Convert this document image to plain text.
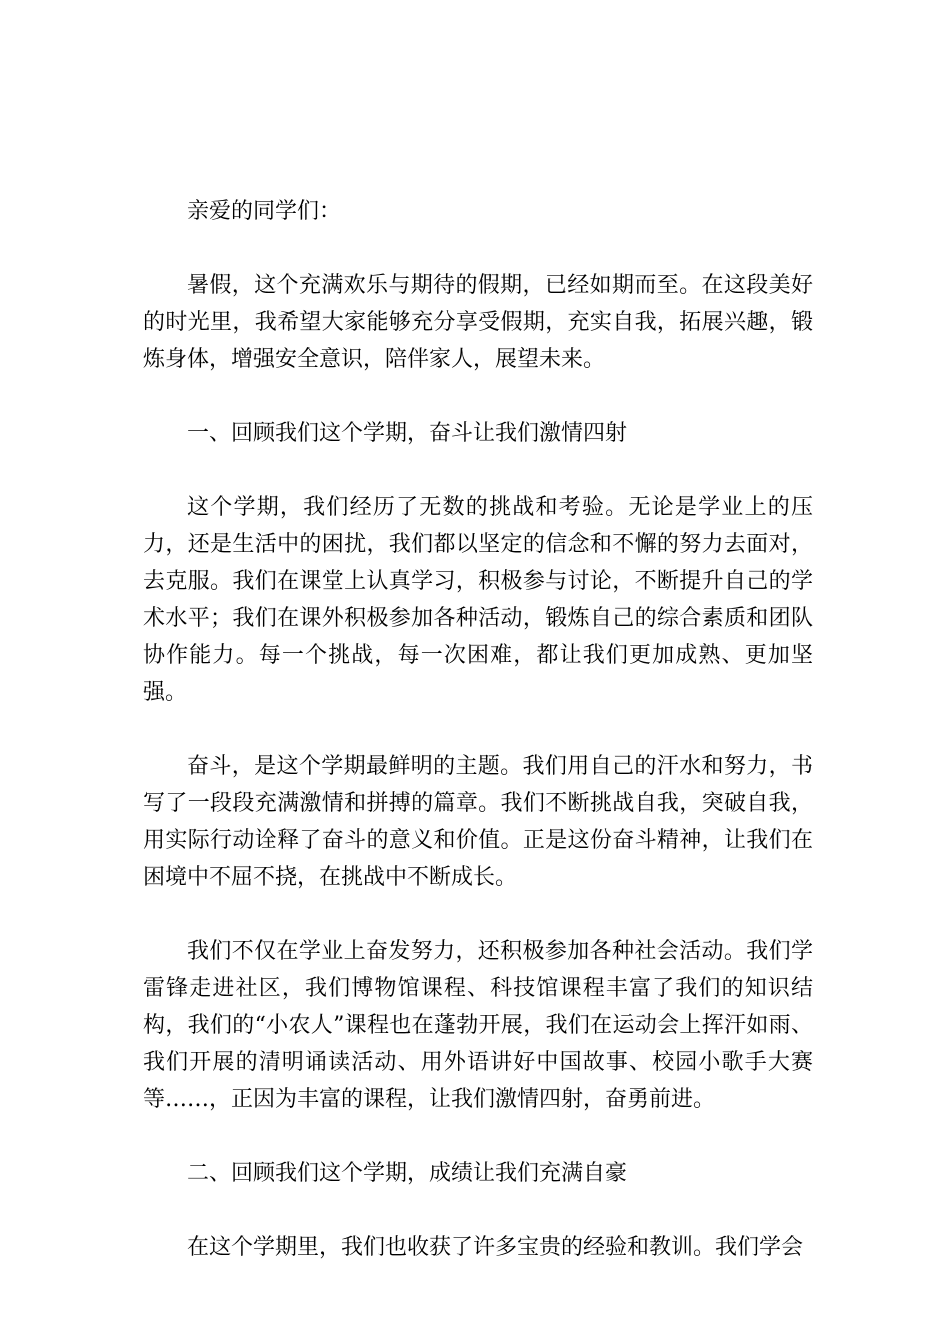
亲爱的同学们：

暑假，这个充满欢乐与期待的假期，已经如期而至。在这段美好的时光里，我希望大家能够充分享受假期，充实自我，拓展兴趣，锻炼身体，增强安全意识，陪伴家人，展望未来。

一、回顾我们这个学期，奋斗让我们激情四射

这个学期，我们经历了无数的挑战和考验。无论是学业上的压力，还是生活中的困扰，我们都以坚定的信念和不懈的努力去面对，去克服。我们在课堂上认真学习，积极参与讨论，不断提升自己的学术水平；我们在课外积极参加各种活动，锻炼自己的综合素质和团队协作能力。每一个挑战，每一次困难，都让我们更加成熟、更加坚强。

奋斗，是这个学期最鲜明的主题。我们用自己的汗水和努力，书写了一段段充满激情和拼搏的篇章。我们不断挑战自我，突破自我，用实际行动诠释了奋斗的意义和价值。正是这份奋斗精神，让我们在困境中不屈不挠，在挑战中不断成长。

我们不仅在学业上奋发努力，还积极参加各种社会活动。我们学雷锋走进社区，我们博物馆课程、科技馆课程丰富了我们的知识结构，我们的“小农人”课程也在蓬勃开展，我们在运动会上挥汗如雨、我们开展的清明诵读活动、用外语讲好中国故事、校园小歌手大赛等……，正因为丰富的课程，让我们激情四射，奋勇前进。

二、回顾我们这个学期，成绩让我们充满自豪

在这个学期里，我们也收获了许多宝贵的经验和教训。我们学会
